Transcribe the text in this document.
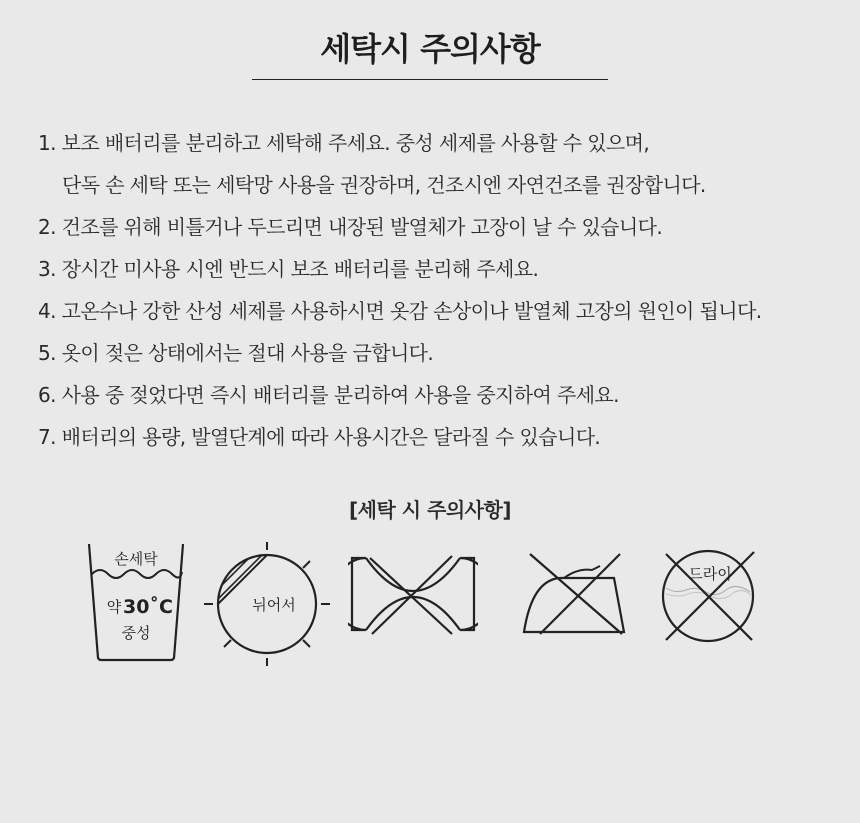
세탁시 주의사항
1. 보조 배터리를 분리하고 세탁해 주세요. 중성 세제를 사용할 수 있으며,
단독 손 세탁 또는 세탁망 사용을 권장하며, 건조시엔 자연건조를 권장합니다.
2. 건조를 위해 비틀거나 두드리면 내장된 발열체가 고장이 날 수 있습니다.
3. 장시간 미사용 시엔 반드시 보조 배터리를 분리해 주세요.
4. 고온수나 강한 산성 세제를 사용하시면 옷감 손상이나 발열체 고장의 원인이 됩니다.
5. 옷이 젖은 상태에서는 절대 사용을 금합니다.
6. 사용 중 젖었다면 즉시 배터리를 분리하여 사용을 중지하여 주세요.
7. 배터리의 용량, 발열단계에 따라 사용시간은 달라질 수 있습니다.
[세탁 시 주의사항]
손세탁
약 30˚C
중성
뉘어서
드라이
